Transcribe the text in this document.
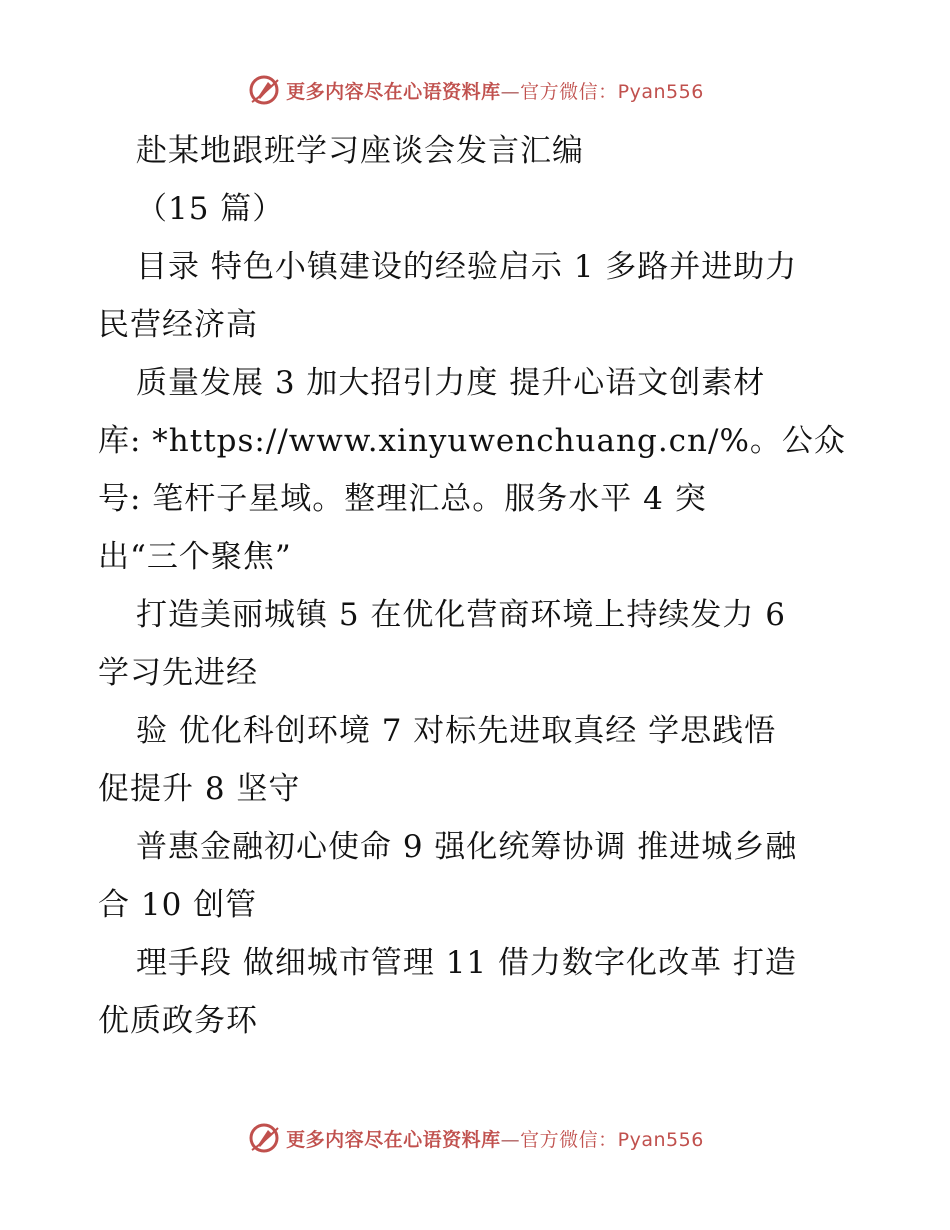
更多内容尽在心语资料库—官方微信：Pyan556
赴某地跟班学习座谈会发言汇编
（15 篇）
目录 特色小镇建设的经验启示 1 多路并进助力
民营经济高
质量发展 3 加大招引力度 提升心语文创素材
库: *https://www.xinyuwenchuang.cn/%。公众
号: 笔杆子星域。整理汇总。服务水平 4 突
出“三个聚焦”
打造美丽城镇 5 在优化营商环境上持续发力 6
学习先进经
验 优化科创环境 7 对标先进取真经 学思践悟
促提升 8 坚守
普惠金融初心使命 9 强化统筹协调 推进城乡融
合 10 创管
理手段 做细城市管理 11 借力数字化改革 打造
优质政务环
更多内容尽在心语资料库—官方微信：Pyan556
